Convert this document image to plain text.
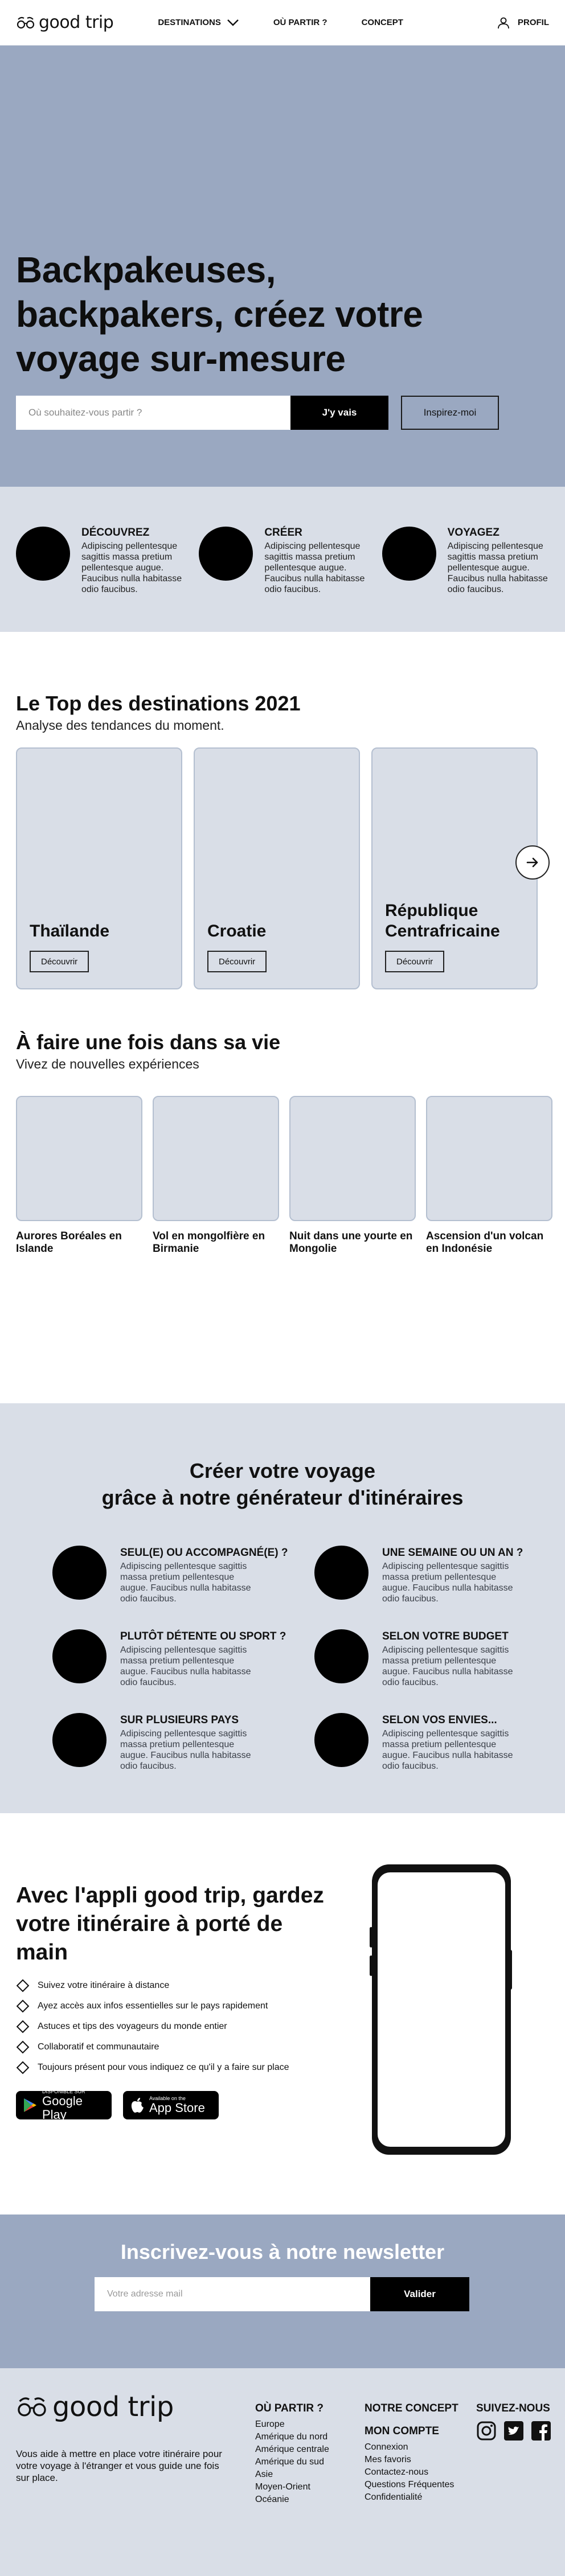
good trip	DESTINATIONS	OÙ PARTIR ?	CONCEPT	PROFIL
Backpakeuses, backpakers, créez votre voyage sur-mesure
Où souhaitez-vous partir ?
J'y vais	Inspirez-moi
DÉCOUVREZ
Adipiscing pellentesque sagittis massa pretium pellentesque augue. Faucibus nulla habitasse odio faucibus.
CRÉER
Adipiscing pellentesque sagittis massa pretium pellentesque augue. Faucibus nulla habitasse odio faucibus.
VOYAGEZ
Adipiscing pellentesque sagittis massa pretium pellentesque augue. Faucibus nulla habitasse odio faucibus.
Le Top des destinations 2021
Analyse des tendances du moment.
Thaïlande
Découvrir
Croatie
Découvrir
République Centrafricaine
Découvrir
À faire une fois dans sa vie
Vivez de nouvelles expériences
Aurores Boréales en Islande
Vol en mongolfière en Birmanie
Nuit dans une yourte en Mongolie
Ascension d'un volcan en Indonésie
Créer votre voyage
grâce à notre générateur d'itinéraires
SEUL(E) OU ACCOMPAGNÉ(E) ?
Adipiscing pellentesque sagittis massa pretium pellentesque augue. Faucibus nulla habitasse odio faucibus.
UNE SEMAINE OU UN AN ?
Adipiscing pellentesque sagittis massa pretium pellentesque augue. Faucibus nulla habitasse odio faucibus.
PLUTÔT DÉTENTE OU SPORT ?
Adipiscing pellentesque sagittis massa pretium pellentesque augue. Faucibus nulla habitasse odio faucibus.
SELON VOTRE BUDGET
Adipiscing pellentesque sagittis massa pretium pellentesque augue. Faucibus nulla habitasse odio faucibus.
SUR PLUSIEURS PAYS
Adipiscing pellentesque sagittis massa pretium pellentesque augue. Faucibus nulla habitasse odio faucibus.
SELON VOS ENVIES...
Adipiscing pellentesque sagittis massa pretium pellentesque augue. Faucibus nulla habitasse odio faucibus.
Avec l'appli good trip, gardez votre itinéraire à porté de main
Suivez votre itinéraire à distance
Ayez accès aux infos essentielles sur le pays rapidement
Astuces et tips des voyageurs du monde entier
Collaboratif et communautaire
Toujours présent pour vous indiquez ce qu'il y a faire sur place
DISPONIBLE SUR
Google Play
Available on the
App Store
Inscrivez-vous à notre newsletter
Votre adresse mail
Valider
good trip
Vous aide à mettre en place votre itinéraire pour votre voyage à l'étranger et vous guide une fois sur place.
OÙ PARTIR ?
Europe
Amérique du nord
Amérique centrale
Amérique du sud
Asie
Moyen-Orient
Océanie
NOTRE CONCEPT
MON COMPTE
Connexion
Mes favoris
Contactez-nous
Questions Fréquentes
Confidentialité
SUIVEZ-NOUS
